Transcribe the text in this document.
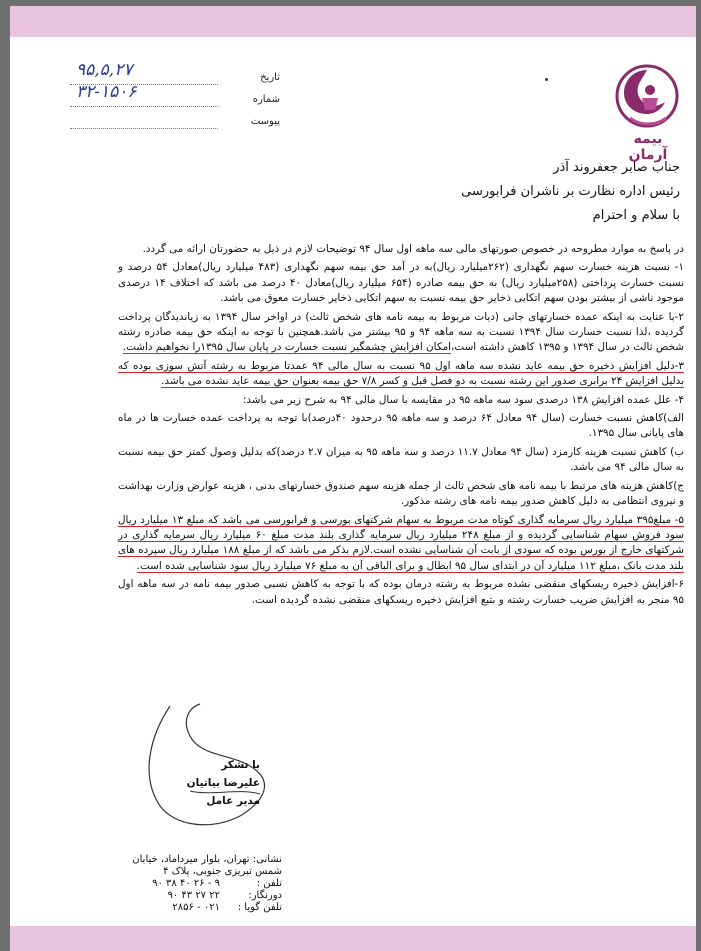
تاریخ
۹۵,۵,۲۷
شماره
۳۲-۱۵۰۶
پیوست
بیمه آرمان
جناب صابر جعفروند آذر
رئیس اداره نظارت بر ناشران فرابورسی
با سلام و احترام

در پاسخ به موارد مطروحه در خصوص صورتهای مالی سه ماهه اول سال ۹۴ توضیحات لازم در ذیل به حضورتان ارائه می گردد.

۱- نسبت هزینه خسارت سهم نگهداری (۲۶۲میلیارد ریال)به در آمد حق بیمه سهم نگهداری (۴۸۳ میلیارد ریال)معادل ۵۴ درصد و نسبت خسارت پرداختی (۲۵۸میلیارد ریال) به حق بیمه صادره (۶۵۴ میلیارد ریال)معادل ۴۰ درصد می باشد که اختلاف ۱۴ درصدی موجود ناشی از بیشتر بودن سهم اتکایی ذخایر حق بیمه نسبت به سهم اتکایی ذخایر خسارت معوق می باشد.

۲-با عنایت به اینکه عمده خسارتهای جانی (دیات مربوط به بیمه نامه های شخص ثالث) در اواخر سال ۱۳۹۴ به زیاندیدگان پرداخت گردیده ،لذا نسبت خسارت سال ۱۳۹۴ نسبت به سه ماهه ۹۴ و ۹۵ بیشتر می باشد.همچنین با توجه به اینکه حق بیمه صادره رشته شخص ثالث در سال ۱۳۹۴ و ۱۳۹۵ کاهش داشته است،امکان افزایش چشمگیر نسبت خسارت در پایان سال ۱۳۹۵را نخواهیم داشت.

۳-دلیل افزایش ذخیره حق بیمه عاید نشده سه ماهه اول ۹۵ نسبت به سال مالی ۹۴ عمدتا مربوط به رشته آتش سوزی بوده که بدلیل افزایش ۲۴ برابری صدور این رشته نسبت به دو فصل قبل و کسر ۷/۸ حق بیمه بعنوان حق بیمه عاید نشده می باشد.

۴- علل عمده افزایش ۱۳۸ درصدی سود سه ماهه ۹۵ در مقایسه با سال مالی ۹۴ به شرح زیر می باشد:

الف)کاهش نسبت خسارت (سال ۹۴ معادل ۶۴ درصد و سه ماهه ۹۵ درحدود ۴۰درصد)با توجه به پرداخت عمده خسارت ها در ماه های پایانی سال ۱۳۹۵.

ب) کاهش نسبت هزینه کارمزد (سال ۹۴ معادل ۱۱.۷ درصد و سه ماهه ۹۵ به میزان ۲.۷ درصد)که بدلیل وصول کمتر حق بیمه نسبت به سال مالی ۹۴ می باشد.

ج)کاهش هزینه های مرتبط با بیمه نامه های شخص ثالث از جمله هزینه سهم صندوق خسارتهای بدنی ، هزینه عوارض وزارت بهداشت و نیروی انتظامی به دلیل کاهش صدور بیمه نامه های رشته مذکور.

۵- مبلغ۳۹۵ میلیارد ریال سرمایه گذاری کوتاه مدت مربوط به سهام شرکتهای بورسی و فرابورسی می باشد که مبلغ ۱۳ میلیارد ریال سود فروش سهام شناسایی گردیده و از مبلغ ۲۴۸ میلیارد ریال سرمایه گذاری بلند مدت مبلغ ۶۰ میلیارد ریال سرمایه گذاری در شرکتهای خارج از بورس بوده که سودی از بابت آن شناسایی نشده است.لازم بذکر می باشد که از مبلغ ۱۸۸ میلیارد ریال سپرده های بلند مدت بانک ،مبلغ ۱۱۲ میلیارد آن در ابتدای سال ۹۵ ابطال و برای الباقی آن به مبلغ ۷۶ میلیارد ریال سود شناسایی شده است.

۶-افزایش ذخیره ریسکهای منقضی نشده مربوط به رشته درمان بوده که با توجه به کاهش نسبی صدور بیمه نامه در سه ماهه اول ۹۵ منجر به افزایش ضریب خسارت رشته و بتبع افزایش ذخیره ریسکهای منقضی نشده گردیده است.

با تشکر
علیرضا بیاتیان
مدیر عامل
نشانی: تهران، بلوار میرداماد، خیابان
شمس تبریزی جنوبی، پلاک ۴
تلفن :
۹ - ۲۶ ۴۰ ۳۸ ۹۰
دورنگار:
۲۲ ۲۷ ۴۳ ۹۰
تلفن گویا :
۰۲۱ - ۲۸۵۶
